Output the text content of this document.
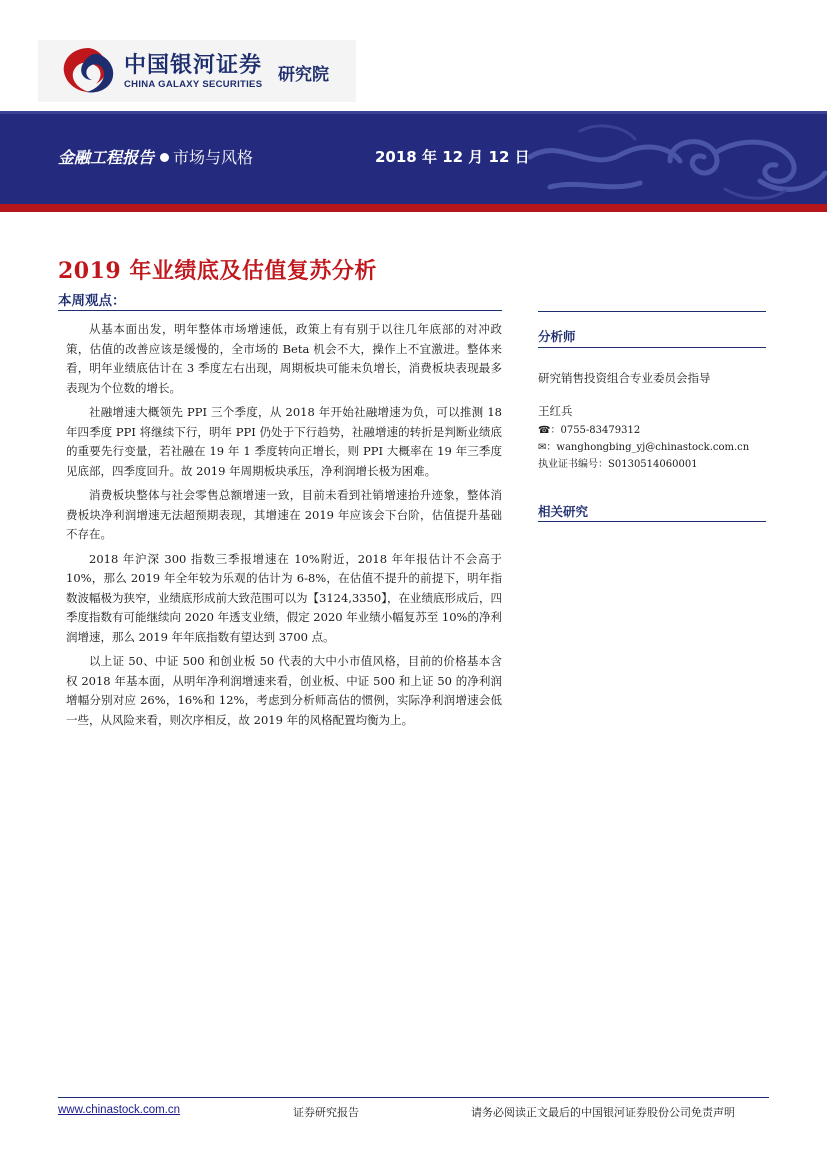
中国银河证券
CHINA GALAXY SECURITIES 研究院
金融工程报告 市场与风格	2018 年 12 月 12 日
2019 年业绩底及估值复苏分析
本周观点：

从基本面出发，明年整体市场增速低，政策上有有别于以往几年底部的对冲政策，估值的改善应该是缓慢的，全市场的 Beta 机会不大，操作上不宜激进。整体来看，明年业绩底估计在 3 季度左右出现，周期板块可能未负增长，消费板块表现最多表现为个位数的增长。

社融增速大概领先 PPI 三个季度，从 2018 年开始社融增速为负，可以推测 18 年四季度 PPI 将继续下行，明年 PPI 仍处于下行趋势，社融增速的转折是判断业绩底的重要先行变量，若社融在 19 年 1 季度转向正增长，则 PPI 大概率在 19 年三季度见底部，四季度回升。故 2019 年周期板块承压，净利润增长极为困难。

消费板块整体与社会零售总额增速一致，目前未看到社销增速抬升迹象，整体消费板块净利润增速无法超预期表现，其增速在 2019 年应该会下台阶，估值提升基础不存在。

2018 年沪深 300 指数三季报增速在 10%附近，2018 年年报估计不会高于 10%，那么 2019 年全年较为乐观的估计为 6-8%，在估值不提升的前提下，明年指数波幅极为狭窄，业绩底形成前大致范围可以为【3124,3350】，在业绩底形成后，四季度指数有可能继续向 2020 年透支业绩，假定 2020 年业绩小幅复苏至 10%的净利润增速，那么 2019 年年底指数有望达到 3700 点。

以上证 50、中证 500 和创业板 50 代表的大中小市值风格，目前的价格基本含权 2018 年基本面，从明年净利润增速来看，创业板、中证 500 和上证 50 的净利润增幅分别对应 26%，16%和 12%，考虑到分析师高估的惯例，实际净利润增速会低一些，从风险来看，则次序相反，故 2019 年的风格配置均衡为上。

分析师
研究销售投资组合专业委员会指导
王红兵
☎：0755-83479312
✉：wanghongbing_yj@chinastock.com.cn
执业证书编号：S0130514060001
相关研究
www.chinastock.com.cn	证券研究报告	请务必阅读正文最后的中国银河证券股份公司免责声明
